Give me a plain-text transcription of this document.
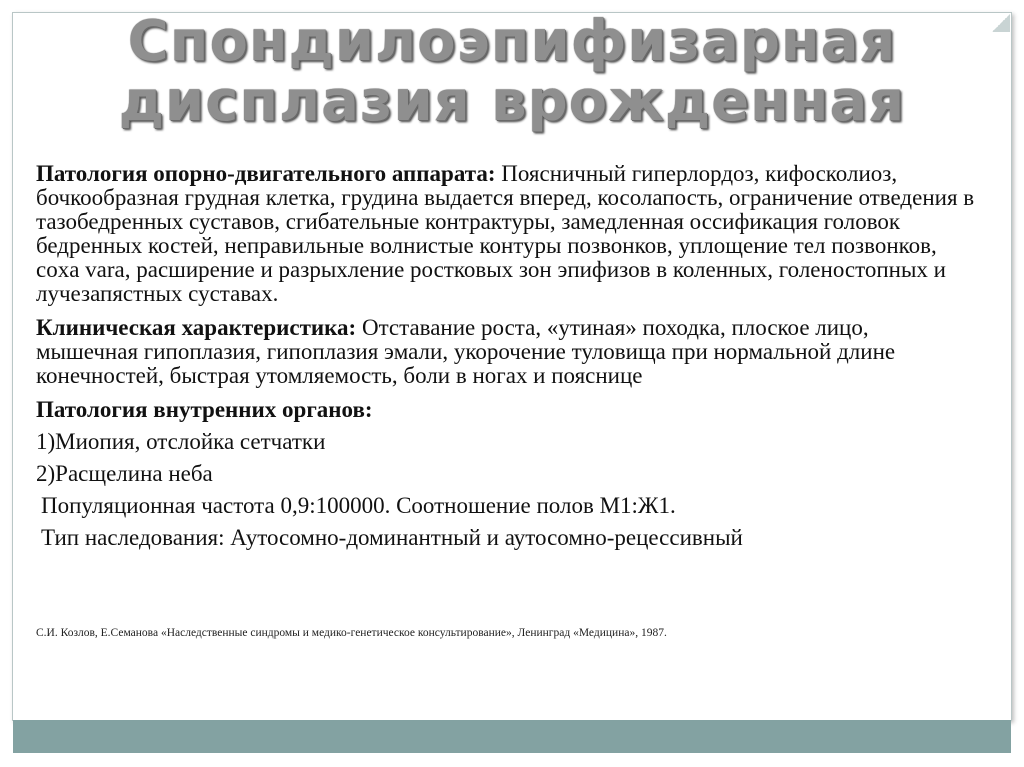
Спондилоэпифизарная
дисплазия врожденная

Патология опорно-двигательного аппарата: Поясничный гиперлордоз, кифосколиоз, бочкообразная грудная клетка, грудина выдается вперед, косолапость, ограничение отведения в тазобедренных суставов, сгибательные контрактуры, замедленная оссификация головок бедренных костей, неправильные волнистые контуры позвонков, уплощение тел позвонков, coxa vara, расширение и разрыхление ростковых зон эпифизов в коленных, голеностопных и лучезапястных суставах.

Клиническая характеристика: Отставание роста, «утиная» походка, плоское лицо, мышечная гипоплазия, гипоплазия эмали, укорочение туловища при нормальной длине конечностей, быстрая утомляемость, боли в ногах и пояснице

Патология внутренних органов:

1)Миопия, отслойка сетчатки

2)Расщелина неба

Популяционная частота 0,9:100000. Соотношение полов М1:Ж1.

Тип наследования: Аутосомно-доминантный и аутосомно-рецессивный

С.И. Козлов, Е.Семанова «Наследственные синдромы и медико-генетическое консультирование», Ленинград «Медицина», 1987.
